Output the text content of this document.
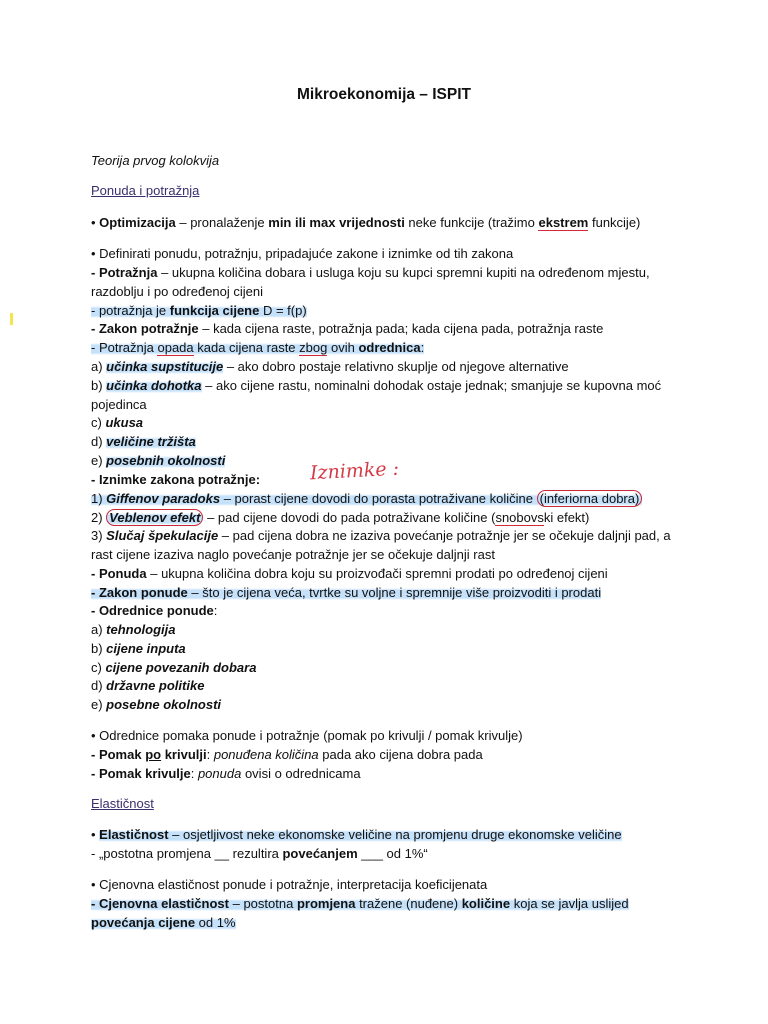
Mikroekonomija – ISPIT
Teorija prvog kolokvija
Ponuda i potražnja
• Optimizacija – pronalaženje min ili max vrijednosti neke funkcije (tražimo ekstrem funkcije)
• Definirati ponudu, potražnju, pripadajuće zakone i iznimke od tih zakona
- Potražnja – ukupna količina dobara i usluga koju su kupci spremni kupiti na određenom mjestu,
razdoblju i po određenoj cijeni
- potražnja je funkcija cijene D = f(p)
- Zakon potražnje – kada cijena raste, potražnja pada; kada cijena pada, potražnja raste
- Potražnja opada kada cijena raste zbog ovih odrednica:
a) učinka supstitucije – ako dobro postaje relativno skuplje od njegove alternative
b) učinka dohotka – ako cijene rastu, nominalni dohodak ostaje jednak; smanjuje se kupovna moć
pojedinca
c) ukusa
d) veličine tržišta
e) posebnih okolnosti	Iznimke :
- Iznimke zakona potražnje:
1) Giffenov paradoks – porast cijene dovodi do porasta potraživane količine (inferiorna dobra)
2) Veblenov efekt – pad cijene dovodi do pada potraživane količine (snobovski efekt)
3) Slučaj špekulacije – pad cijena dobra ne izaziva povećanje potražnje jer se očekuje daljnji pad, a
rast cijene izaziva naglo povećanje potražnje jer se očekuje daljnji rast
- Ponuda – ukupna količina dobra koju su proizvođači spremni prodati po određenoj cijeni
- Zakon ponude – što je cijena veća, tvrtke su voljne i spremnije više proizvoditi i prodati
- Odrednice ponude:
a) tehnologija
b) cijene inputa
c) cijene povezanih dobara
d) državne politike
e) posebne okolnosti
• Odrednice pomaka ponude i potražnje (pomak po krivulji / pomak krivulje)
- Pomak po krivulji: ponuđena količina pada ako cijena dobra pada
- Pomak krivulje: ponuda ovisi o odrednicama
Elastičnost
• Elastičnost – osjetljivost neke ekonomske veličine na promjenu druge ekonomske veličine
- „postotna promjena __ rezultira povećanjem ___ od 1%“
• Cjenovna elastičnost ponude i potražnje, interpretacija koeficijenata
- Cjenovna elastičnost – postotna promjena tražene (nuđene) količine koja se javlja uslijed
povećanja cijene od 1%
